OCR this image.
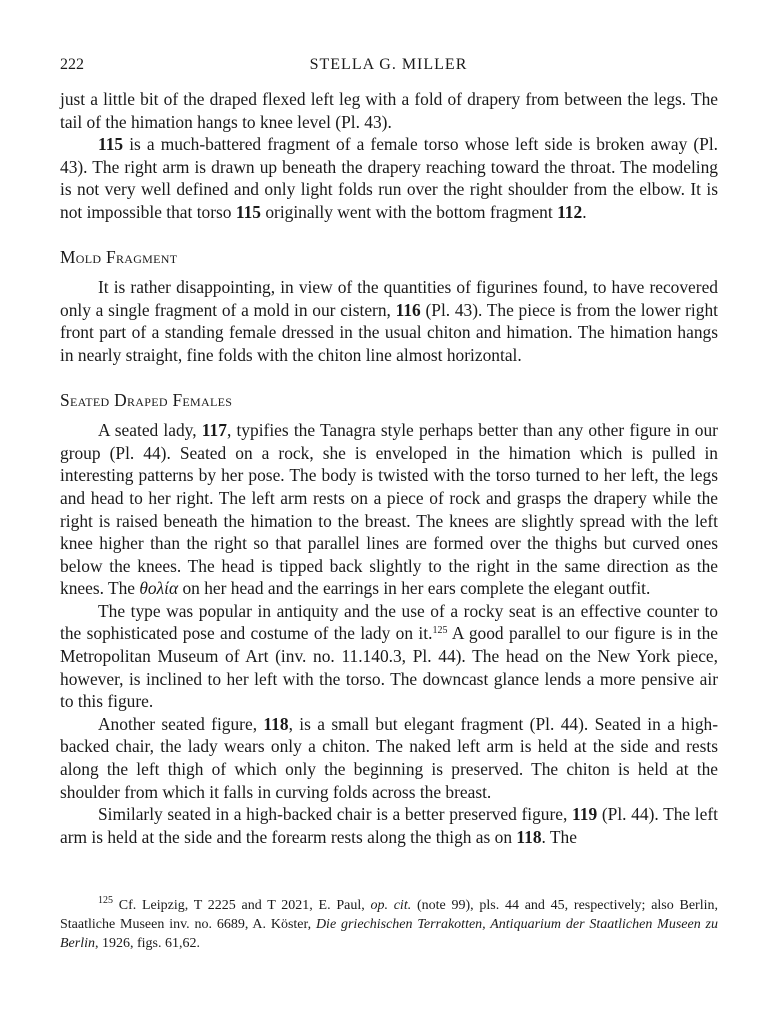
222	STELLA G. MILLER

just a little bit of the draped flexed left leg with a fold of drapery from between the legs. The tail of the himation hangs to knee level (Pl. 43).

115 is a much-battered fragment of a female torso whose left side is broken away (Pl. 43). The right arm is drawn up beneath the drapery reaching toward the throat. The modeling is not very well defined and only light folds run over the right shoulder from the elbow. It is not impossible that torso 115 originally went with the bottom fragment 112.

Mold Fragment

It is rather disappointing, in view of the quantities of figurines found, to have recovered only a single fragment of a mold in our cistern, 116 (Pl. 43). The piece is from the lower right front part of a standing female dressed in the usual chiton and himation. The himation hangs in nearly straight, fine folds with the chiton line almost horizontal.

Seated Draped Females

A seated lady, 117, typifies the Tanagra style perhaps better than any other figure in our group (Pl. 44). Seated on a rock, she is enveloped in the himation which is pulled in interesting patterns by her pose. The body is twisted with the torso turned to her left, the legs and head to her right. The left arm rests on a piece of rock and grasps the drapery while the right is raised beneath the himation to the breast. The knees are slightly spread with the left knee higher than the right so that parallel lines are formed over the thighs but curved ones below the knees. The head is tipped back slightly to the right in the same direction as the knees. The θολία on her head and the earrings in her ears complete the elegant outfit.

The type was popular in antiquity and the use of a rocky seat is an effective counter to the sophisticated pose and costume of the lady on it.$^{125}$ A good parallel to our figure is in the Metropolitan Museum of Art (inv. no. 11.140.3, Pl. 44). The head on the New York piece, however, is inclined to her left with the torso. The downcast glance lends a more pensive air to this figure.

Another seated figure, 118, is a small but elegant fragment (Pl. 44). Seated in a high-backed chair, the lady wears only a chiton. The naked left arm is held at the side and rests along the left thigh of which only the beginning is preserved. The chiton is held at the shoulder from which it falls in curving folds across the breast.

Similarly seated in a high-backed chair is a better preserved figure, 119 (Pl. 44). The left arm is held at the side and the forearm rests along the thigh as on 118. The

$^{125}$ Cf. Leipzig, T 2225 and T 2021, E. Paul, op. cit. (note 99), pls. 44 and 45, respectively; also Berlin, Staatliche Museen inv. no. 6689, A. Köster, Die griechischen Terrakotten, Antiquarium der Staatlichen Museen zu Berlin, 1926, figs. 61,62.
